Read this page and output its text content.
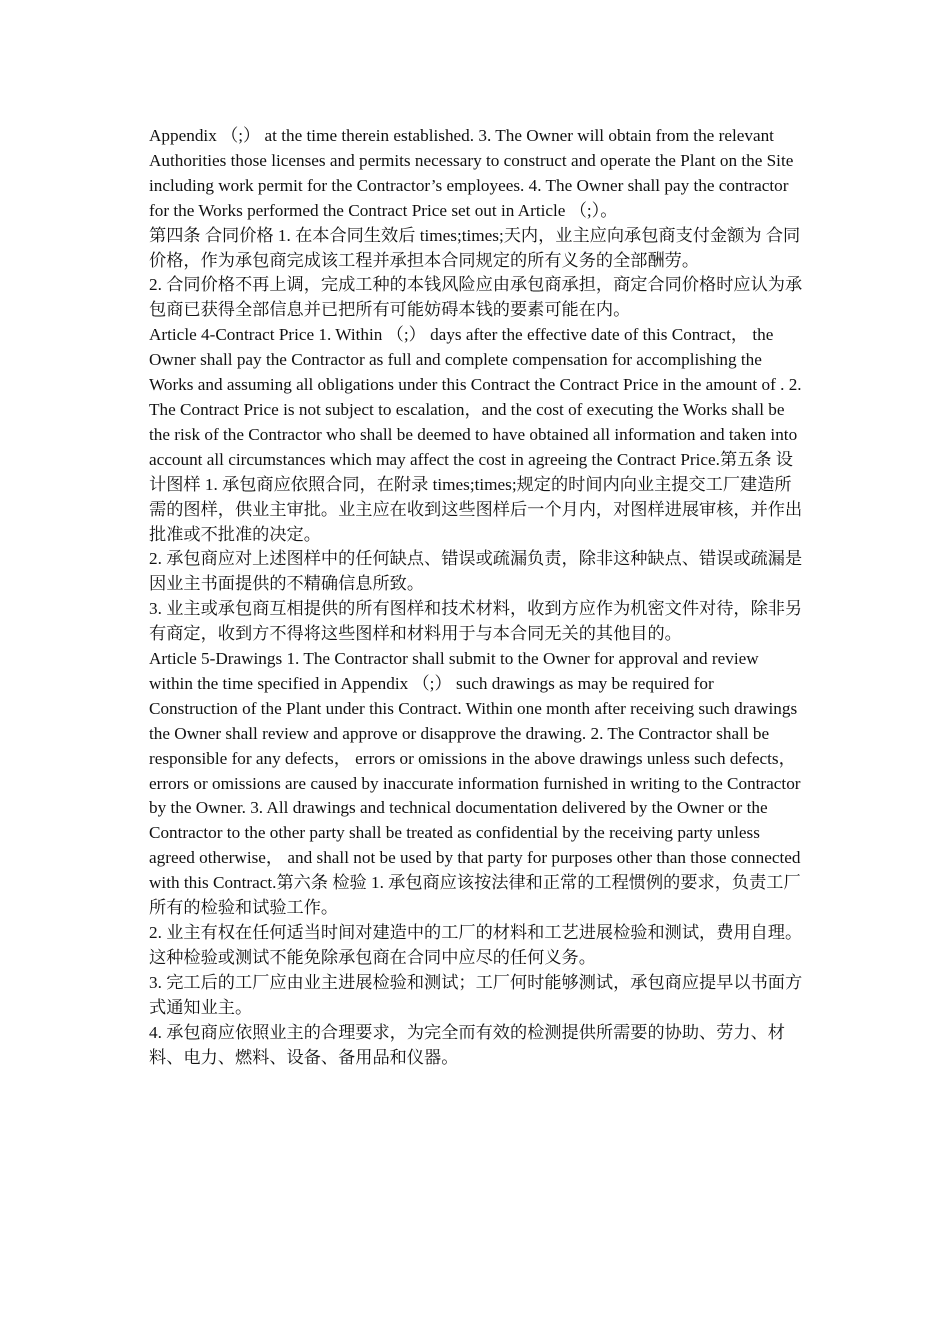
Appendix （;） at the time therein established. 3. The Owner will obtain from the relevant Authorities those licenses and permits necessary to construct and operate the Plant on the Site including work permit for the Contractor’s employees. 4. The Owner shall pay the contractor for the Works performed the Contract Price set out in Article （;）。

第四条 合同价格 1. 在本合同生效后 times;times;天内，业主应向承包商支付金额为 合同价格，作为承包商完成该工程并承担本合同规定的所有义务的全部酬劳。

2. 合同价格不再上调，完成工种的本钱风险应由承包商承担，商定合同价格时应认为承包商已获得全部信息并已把所有可能妨碍本钱的要素可能在内。

Article 4-Contract Price 1. Within （;） days after the effective date of this Contract， the Owner shall pay the Contractor as full and complete compensation for accomplishing the Works and assuming all obligations under this Contract the Contract Price in the amount of . 2. The Contract Price is not subject to escalation，and the cost of executing the Works shall be the risk of the Contractor who shall be deemed to have obtained all information and taken into account all circumstances which may affect the cost in agreeing the Contract Price.第五条 设计图样 1. 承包商应依照合同，在附录 times;times;规定的时间内向业主提交工厂建造所需的图样，供业主审批。业主应在收到这些图样后一个月内，对图样进展审核，并作出批准或不批准的决定。

2. 承包商应对上述图样中的任何缺点、错误或疏漏负责，除非这种缺点、错误或疏漏是因业主书面提供的不精确信息所致。

3. 业主或承包商互相提供的所有图样和技术材料，收到方应作为机密文件对待，除非另有商定，收到方不得将这些图样和材料用于与本合同无关的其他目的。

Article 5-Drawings 1. The Contractor shall submit to the Owner for approval and review within the time specified in Appendix （;） such drawings as may be required for Construction of the Plant under this Contract. Within one month after receiving such drawings the Owner shall review and approve or disapprove the drawing. 2. The Contractor shall be responsible for any defects， errors or omissions in the above drawings unless such defects， errors or omissions are caused by inaccurate information furnished in writing to the Contractor by the Owner. 3. All drawings and technical documentation delivered by the Owner or the Contractor to the other party shall be treated as confidential by the receiving party unless agreed otherwise， and shall not be used by that party for purposes other than those connected with this Contract.第六条 检验 1. 承包商应该按法律和正常的工程惯例的要求，负责工厂所有的检验和试验工作。

2. 业主有权在任何适当时间对建造中的工厂的材料和工艺进展检验和测试，费用自理。这种检验或测试不能免除承包商在合同中应尽的任何义务。

3. 完工后的工厂应由业主进展检验和测试；工厂何时能够测试，承包商应提早以书面方式通知业主。

4. 承包商应依照业主的合理要求，为完全而有效的检测提供所需要的协助、劳力、材料、电力、燃料、设备、备用品和仪器。
